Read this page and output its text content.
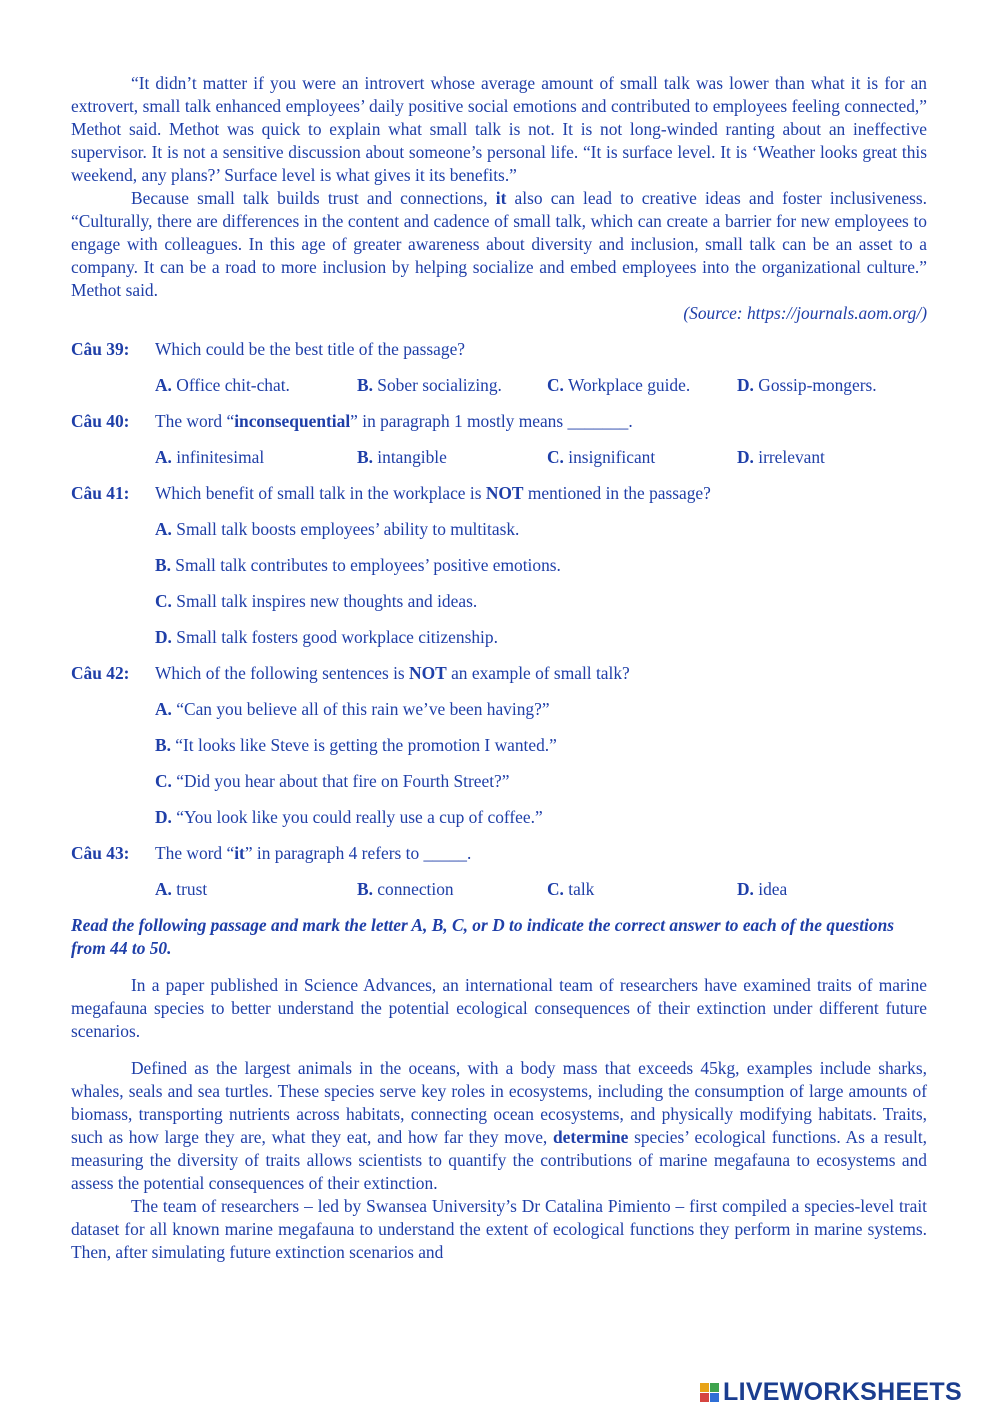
“It didn’t matter if you were an introvert whose average amount of small talk was lower than what it is for an extrovert, small talk enhanced employees’ daily positive social emotions and contributed to employees feeling connected,” Methot said. Methot was quick to explain what small talk is not. It is not long-winded ranting about an ineffective supervisor. It is not a sensitive discussion about someone’s personal life. “It is surface level. It is ‘Weather looks great this weekend, any plans?’ Surface level is what gives it its benefits.”

Because small talk builds trust and connections, it also can lead to creative ideas and foster inclusiveness. “Culturally, there are differences in the content and cadence of small talk, which can create a barrier for new employees to engage with colleagues. In this age of greater awareness about diversity and inclusion, small talk can be an asset to a company. It can be a road to more inclusion by helping socialize and embed employees into the organizational culture.” Methot said.

(Source: https://journals.aom.org/)

Câu 39:	Which could be the best title of the passage?
A. Office chit-chat.	B. Sober socializing.	C. Workplace guide.	D. Gossip-mongers.
Câu 40:	The word “inconsequential” in paragraph 1 mostly means _______.
A. infinitesimal	B. intangible	C. insignificant	D. irrelevant
Câu 41:	Which benefit of small talk in the workplace is NOT mentioned in the passage?
A. Small talk boosts employees’ ability to multitask.
B. Small talk contributes to employees’ positive emotions.
C. Small talk inspires new thoughts and ideas.
D. Small talk fosters good workplace citizenship.
Câu 42:	Which of the following sentences is NOT an example of small talk?
A. “Can you believe all of this rain we’ve been having?”
B. “It looks like Steve is getting the promotion I wanted.”
C. “Did you hear about that fire on Fourth Street?”
D. “You look like you could really use a cup of coffee.”
Câu 43:	The word “it” in paragraph 4 refers to _____.
A. trust	B. connection	C. talk	D. idea
Read the following passage and mark the letter A, B, C, or D to indicate the correct answer to each of the questions from 44 to 50.

In a paper published in Science Advances, an international team of researchers have examined traits of marine megafauna species to better understand the potential ecological consequences of their extinction under different future scenarios.

Defined as the largest animals in the oceans, with a body mass that exceeds 45kg, examples include sharks, whales, seals and sea turtles. These species serve key roles in ecosystems, including the consumption of large amounts of biomass, transporting nutrients across habitats, connecting ocean ecosystems, and physically modifying habitats. Traits, such as how large they are, what they eat, and how far they move, determine species’ ecological functions. As a result, measuring the diversity of traits allows scientists to quantify the contributions of marine megafauna to ecosystems and assess the potential consequences of their extinction.

The team of researchers – led by Swansea University’s Dr Catalina Pimiento – first compiled a species-level trait dataset for all known marine megafauna to understand the extent of ecological functions they perform in marine systems. Then, after simulating future extinction scenarios and

LIVEWORKSHEETS
